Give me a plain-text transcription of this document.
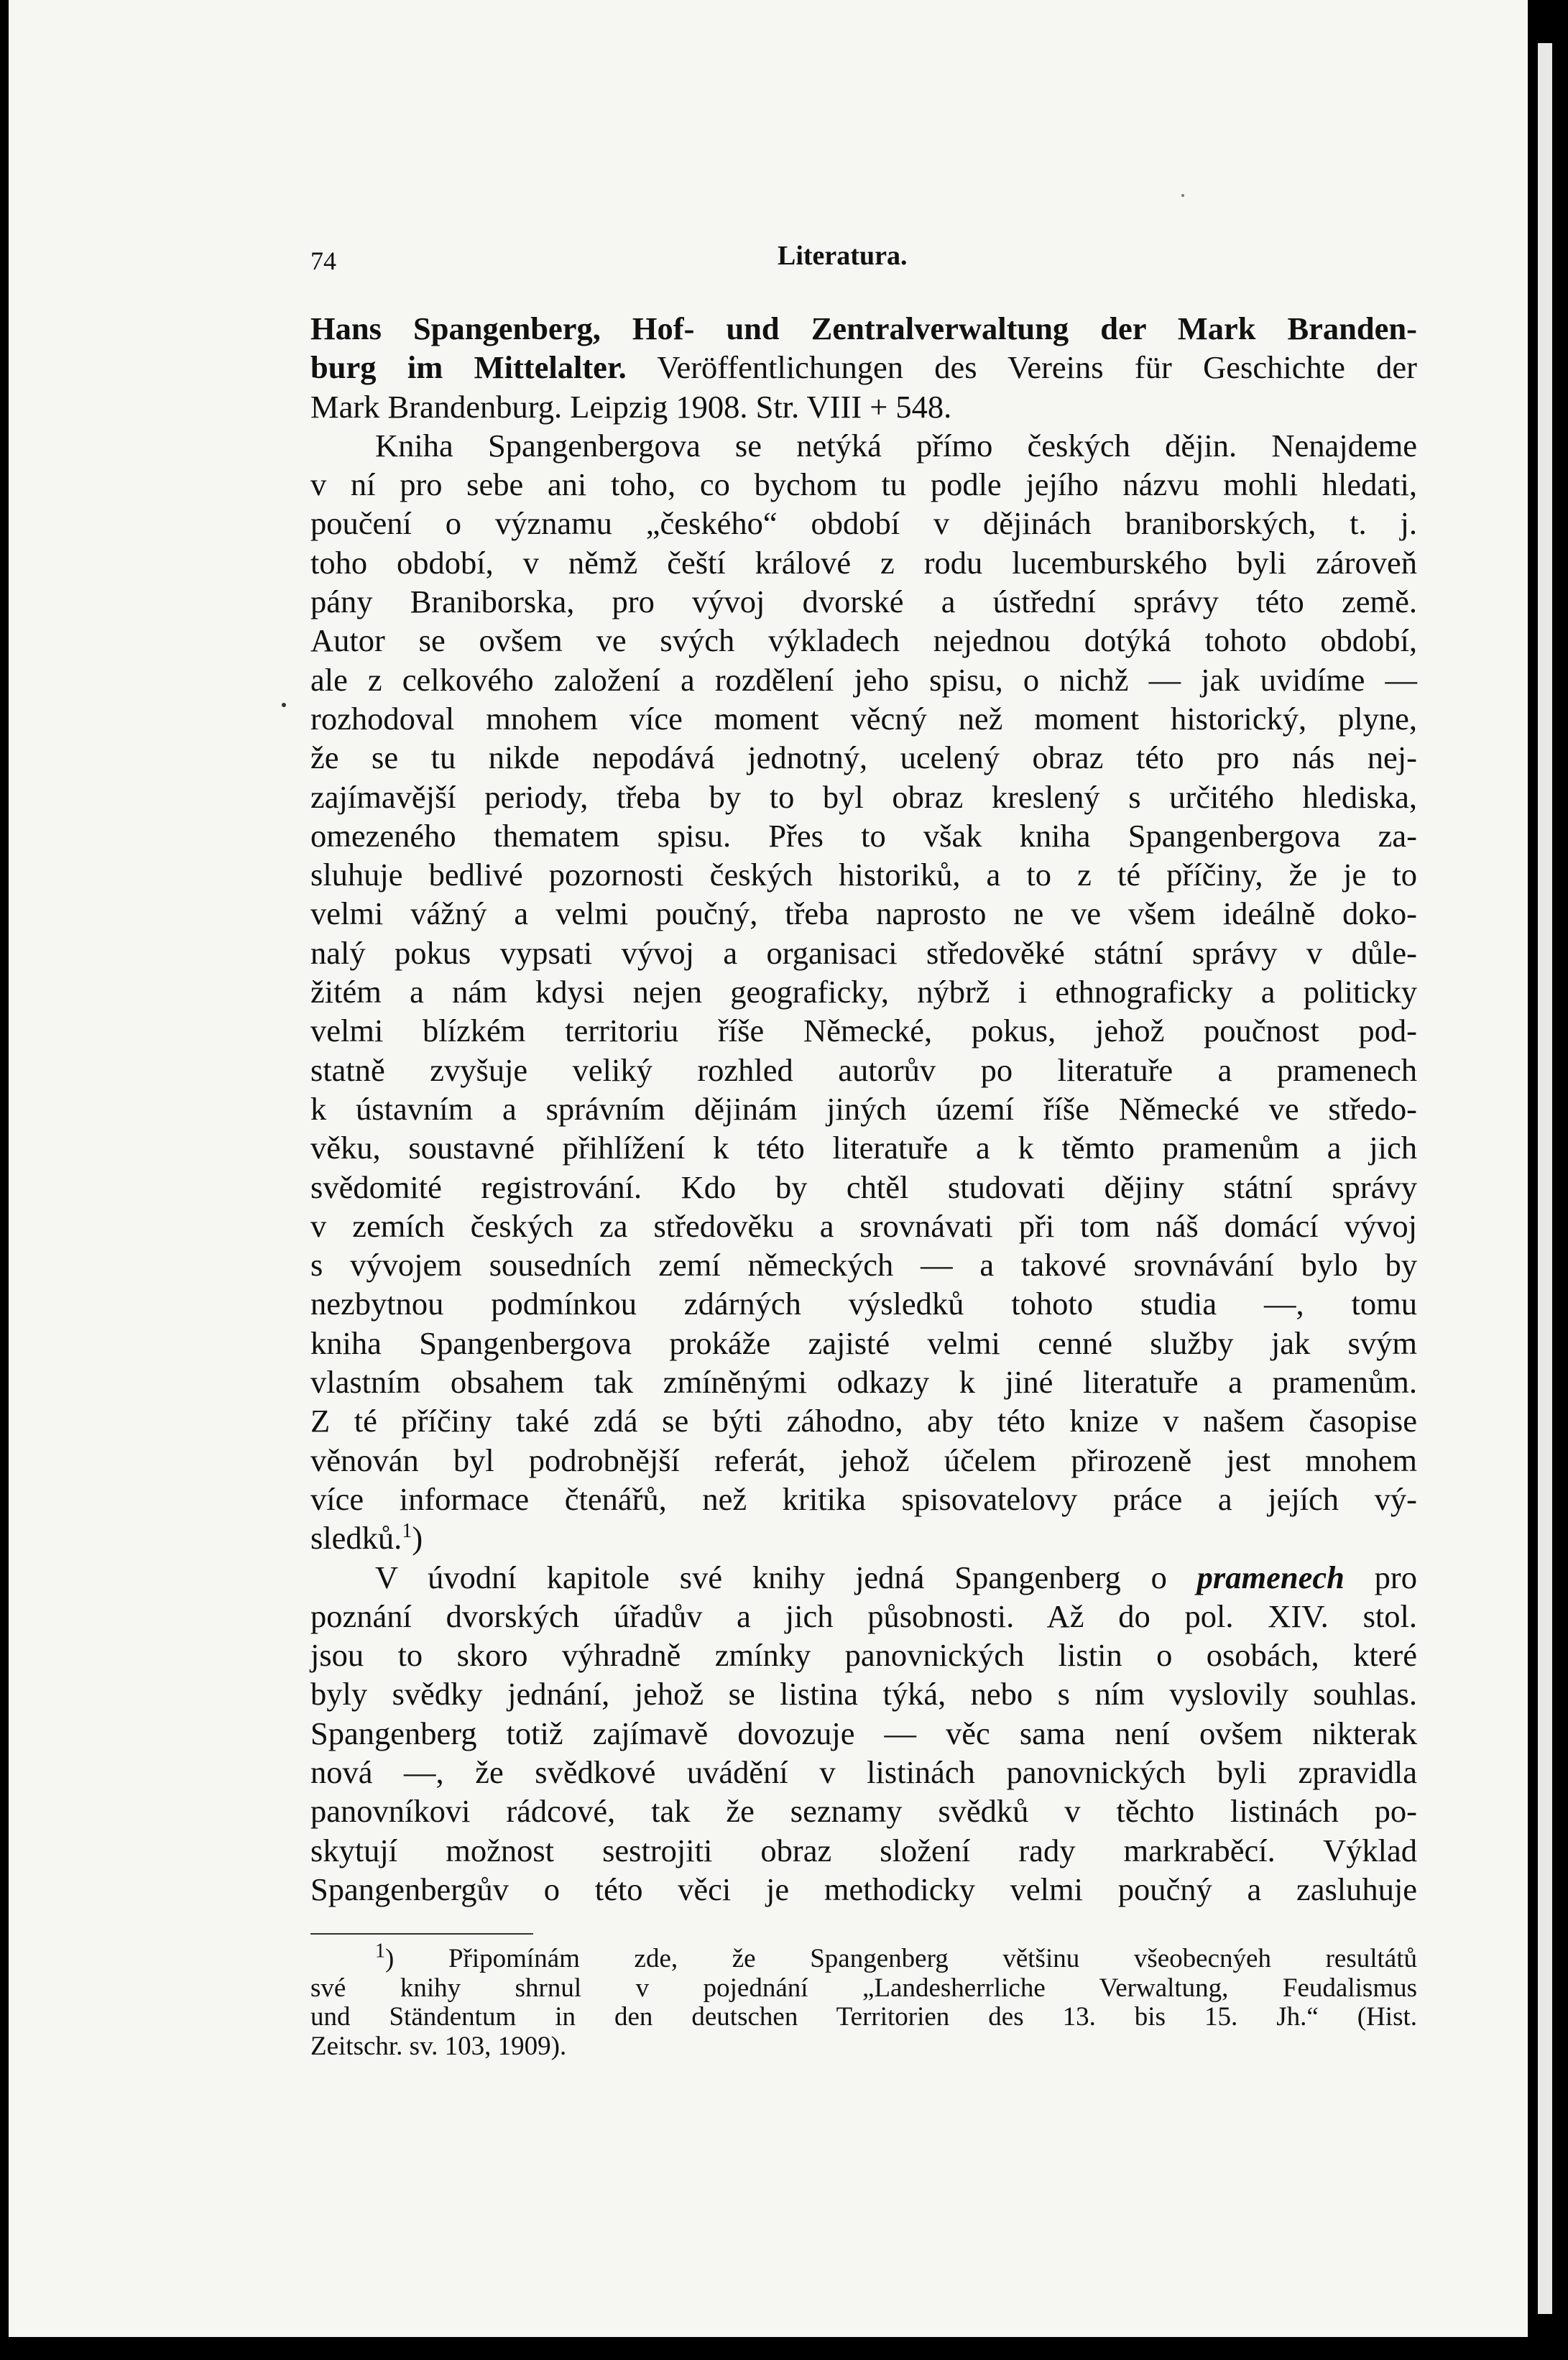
74	Literatura.
Hans Spangenberg, Hof- und Zentralverwaltung der Mark Branden-
burg im Mittelalter. Veröffentlichungen des Vereins für Geschichte der
Mark Brandenburg. Leipzig 1908. Str. VIII + 548.
Kniha Spangenbergova se netýká přímo českých dějin. Nenajdeme
v ní pro sebe ani toho, co bychom tu podle jejího názvu mohli hledati,
poučení o významu „českého“ období v dějinách braniborských, t. j.
toho období, v němž čeští králové z rodu lucemburského byli zároveň
pány Braniborska, pro vývoj dvorské a ústřední správy této země.
Autor se ovšem ve svých výkladech nejednou dotýká tohoto období,
ale z celkového založení a rozdělení jeho spisu, o nichž — jak uvidíme —
rozhodoval mnohem více moment věcný než moment historický, plyne,
že se tu nikde nepodává jednotný, ucelený obraz této pro nás nej-
zajímavější periody, třeba by to byl obraz kreslený s určitého hlediska,
omezeného thematem spisu. Přes to však kniha Spangenbergova za-
sluhuje bedlivé pozornosti českých historiků, a to z té příčiny, že je to
velmi vážný a velmi poučný, třeba naprosto ne ve všem ideálně doko-
nalý pokus vypsati vývoj a organisaci středověké státní správy v důle-
žitém a nám kdysi nejen geograficky, nýbrž i ethnograficky a politicky
velmi blízkém territoriu říše Německé, pokus, jehož poučnost pod-
statně zvyšuje veliký rozhled autorův po literatuře a pramenech
k ústavním a správním dějinám jiných území říše Německé ve středo-
věku, soustavné přihlížení k této literatuře a k těmto pramenům a jich
svědomité registrování. Kdo by chtěl studovati dějiny státní správy
v zemích českých za středověku a srovnávati při tom náš domácí vývoj
s vývojem sousedních zemí německých — a takové srovnávání bylo by
nezbytnou podmínkou zdárných výsledků tohoto studia —, tomu
kniha Spangenbergova prokáže zajisté velmi cenné služby jak svým
vlastním obsahem tak zmíněnými odkazy k jiné literatuře a pramenům.
Z té příčiny také zdá se býti záhodno, aby této knize v našem časopise
věnován byl podrobnější referát, jehož účelem přirozeně jest mnohem
více informace čtenářů, než kritika spisovatelovy práce a jejích vý-
sledků.$^1$)
V úvodní kapitole své knihy jedná Spangenberg o pramenech pro
poznání dvorských úřadův a jich působnosti. Až do pol. XIV. stol.
jsou to skoro výhradně zmínky panovnických listin o osobách, které
byly svědky jednání, jehož se listina týká, nebo s ním vyslovily souhlas.
Spangenberg totiž zajímavě dovozuje — věc sama není ovšem nikterak
nová —, že svědkové uvádění v listinách panovnických byli zpravidla
panovníkovi rádcové, tak že seznamy svědků v těchto listinách po-
skytují možnost sestrojiti obraz složení rady markraběcí. Výklad
Spangenbergův o této věci je methodicky velmi poučný a zasluhuje
$^1$) Připomínám zde, že Spangenberg většinu všeobecnýeh resultátů
své knihy shrnul v pojednání „Landesherrliche Verwaltung, Feudalismus
und Ständentum in den deutschen Territorien des 13. bis 15. Jh.“ (Hist.
Zeitschr. sv. 103, 1909).
